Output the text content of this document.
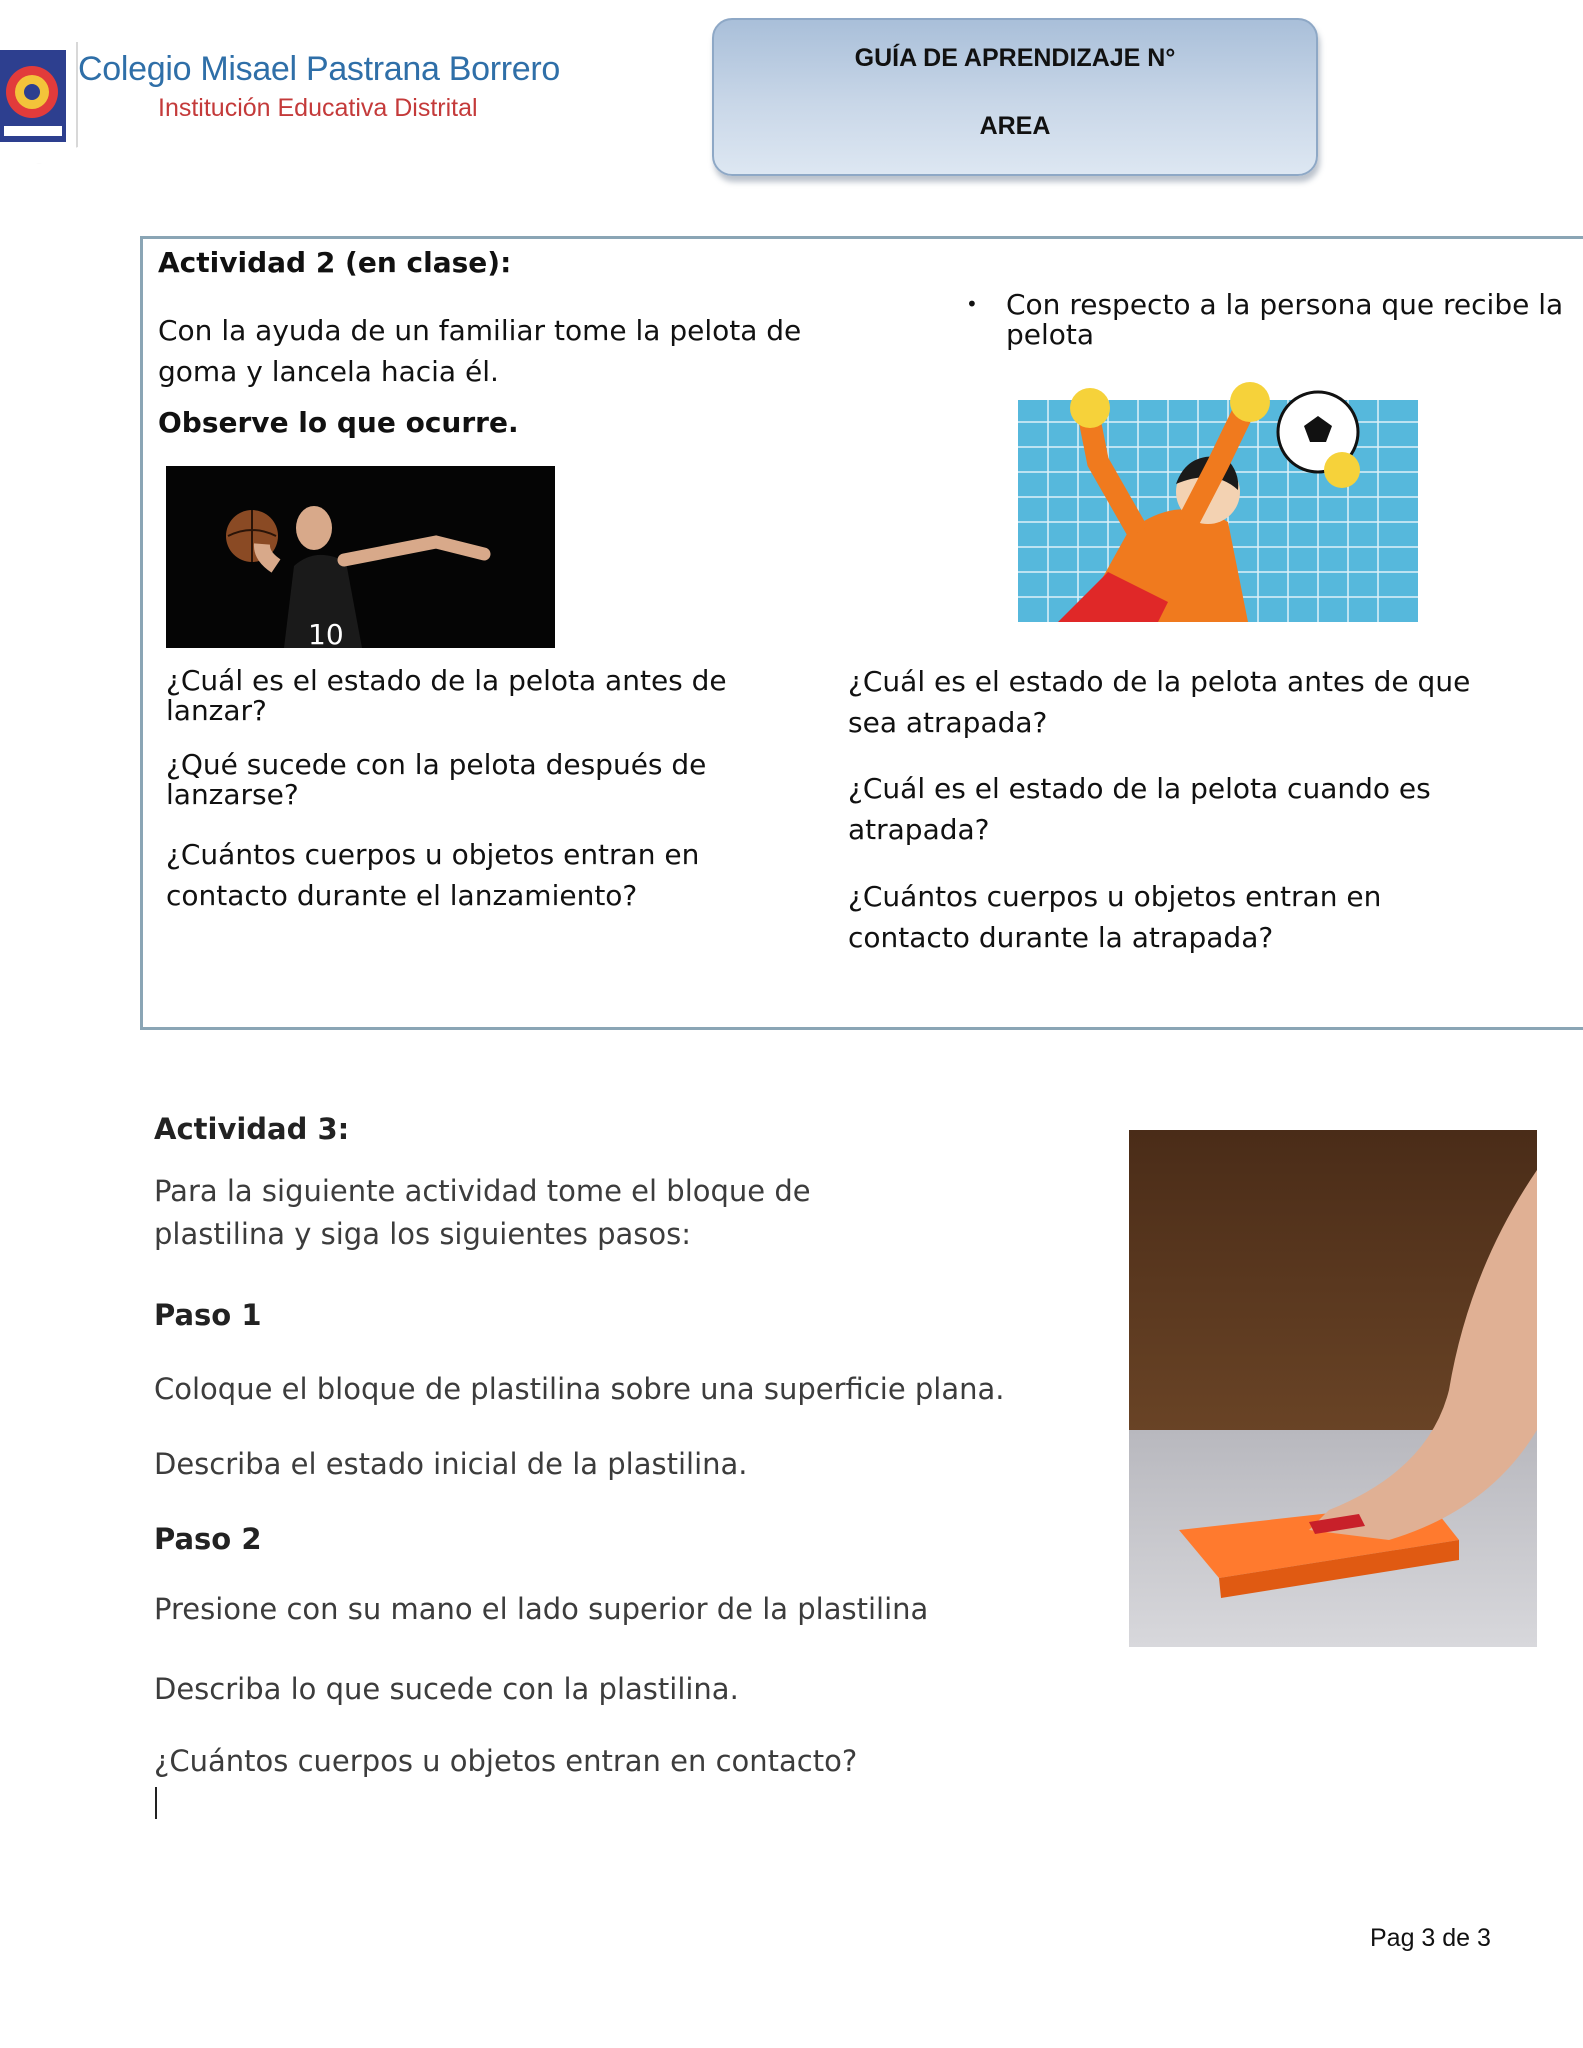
Colegio Misael Pastrana Borrero
Institución Educativa Distrital
GUÍA DE APRENDIZAJE N°
AREA
Actividad 2 (en clase):
Con la ayuda de un familiar tome la pelota de goma y lancela hacia él.
Observe lo que ocurre.
10
• Con respecto a la persona que recibe la pelota
¿Cuál es el estado de la pelota antes de lanzar?
¿Qué sucede con la pelota después de lanzarse?
¿Cuántos cuerpos u objetos entran en contacto durante el lanzamiento?
¿Cuál es el estado de la pelota antes de que sea atrapada?
¿Cuál es el estado de la pelota cuando es atrapada?
¿Cuántos cuerpos u objetos entran en contacto durante la atrapada?
Actividad 3:
Para la siguiente actividad tome el bloque de plastilina y siga los siguientes pasos:
Paso 1
Coloque el bloque de plastilina sobre una superficie plana.
Describa el estado inicial de la plastilina.
Paso 2
Presione con su mano el lado superior de la plastilina
Describa lo que sucede con la plastilina.
¿Cuántos cuerpos u objetos entran en contacto?
Pag 3 de 3
